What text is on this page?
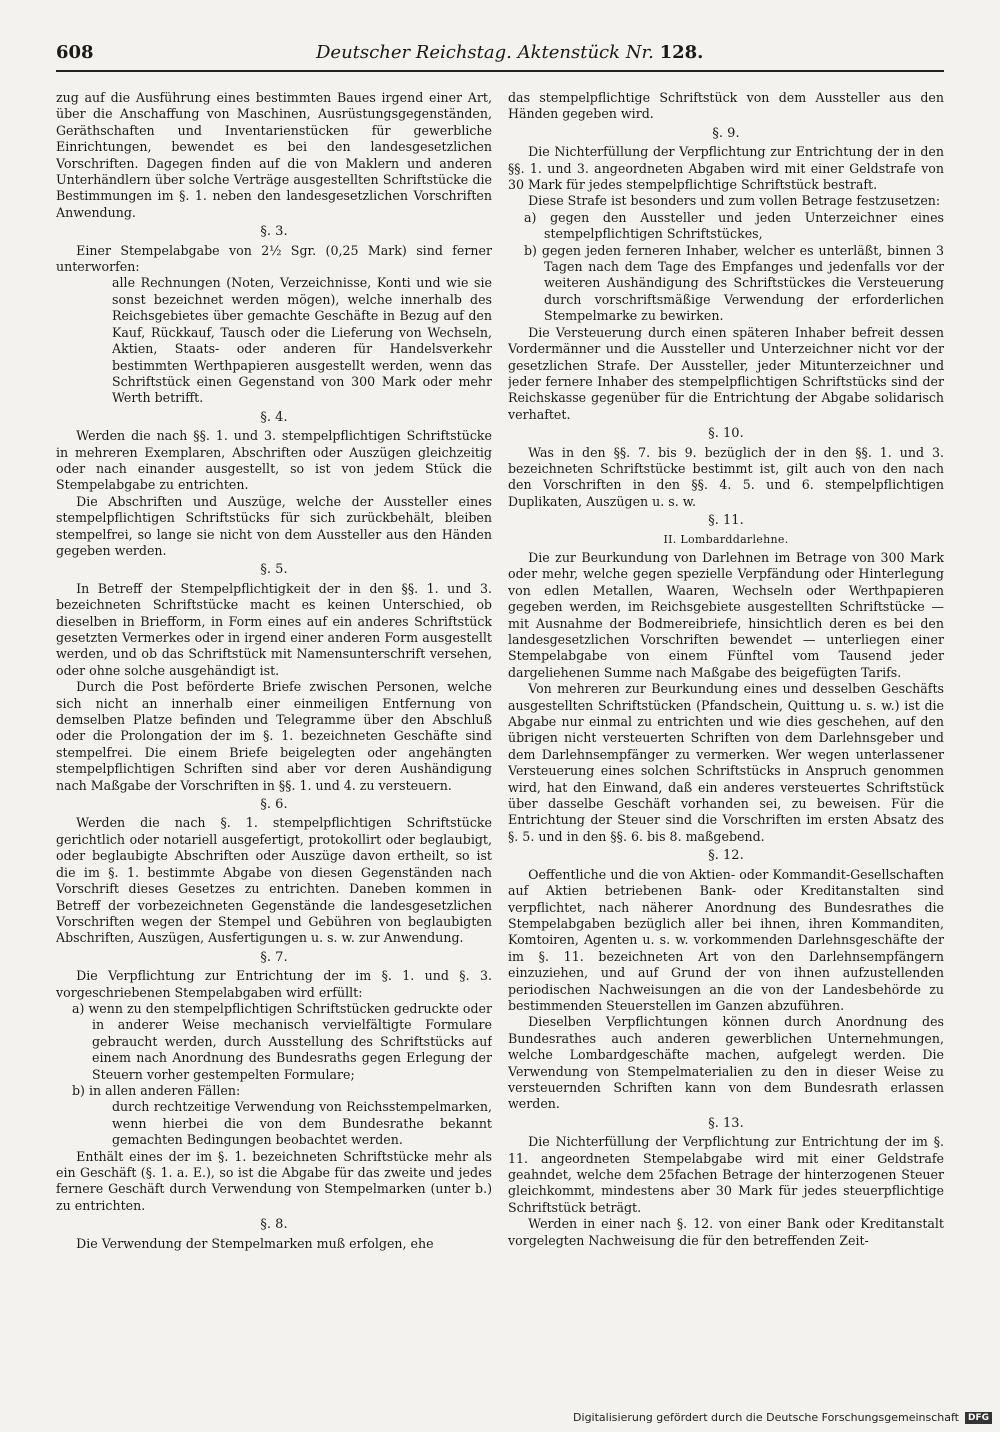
608	Deutscher Reichstag. Aktenstück Nr. 128.

zug auf die Ausführung eines bestimmten Baues irgend einer Art, über die Anschaffung von Maschinen, Ausrüstungsgegenständen, Geräthschaften und Inventarienstücken für gewerbliche Einrichtungen, bewendet es bei den landesgesetzlichen Vorschriften. Dagegen finden auf die von Maklern und anderen Unterhändlern über solche Verträge ausgestellten Schriftstücke die Bestimmungen im §. 1. neben den landesgesetzlichen Vorschriften Anwendung.

§. 3.

Einer Stempelabgabe von 2½ Sgr. (0,25 Mark) sind ferner unterworfen:

alle Rechnungen (Noten, Verzeichnisse, Konti und wie sie sonst bezeichnet werden mögen), welche innerhalb des Reichsgebietes über gemachte Geschäfte in Bezug auf den Kauf, Rückkauf, Tausch oder die Lieferung von Wechseln, Aktien, Staats- oder anderen für Handelsverkehr bestimmten Werthpapieren ausgestellt werden, wenn das Schriftstück einen Gegenstand von 300 Mark oder mehr Werth betrifft.

§. 4.

Werden die nach §§. 1. und 3. stempelpflichtigen Schriftstücke in mehreren Exemplaren, Abschriften oder Auszügen gleichzeitig oder nach einander ausgestellt, so ist von jedem Stück die Stempelabgabe zu entrichten.

Die Abschriften und Auszüge, welche der Aussteller eines stempelpflichtigen Schriftstücks für sich zurückbehält, bleiben stempelfrei, so lange sie nicht von dem Aussteller aus den Händen gegeben werden.

§. 5.

In Betreff der Stempelpflichtigkeit der in den §§. 1. und 3. bezeichneten Schriftstücke macht es keinen Unterschied, ob dieselben in Briefform, in Form eines auf ein anderes Schriftstück gesetzten Vermerkes oder in irgend einer anderen Form ausgestellt werden, und ob das Schriftstück mit Namensunterschrift versehen, oder ohne solche ausgehändigt ist.

Durch die Post beförderte Briefe zwischen Personen, welche sich nicht an innerhalb einer einmeiligen Entfernung von demselben Platze befinden und Telegramme über den Abschluß oder die Prolongation der im §. 1. bezeichneten Geschäfte sind stempelfrei. Die einem Briefe beigelegten oder angehängten stempelpflichtigen Schriften sind aber vor deren Aushändigung nach Maßgabe der Vorschriften in §§. 1. und 4. zu versteuern.

§. 6.

Werden die nach §. 1. stempelpflichtigen Schriftstücke gerichtlich oder notariell ausgefertigt, protokollirt oder beglaubigt, oder beglaubigte Abschriften oder Auszüge davon ertheilt, so ist die im §. 1. bestimmte Abgabe von diesen Gegenständen nach Vorschrift dieses Gesetzes zu entrichten. Daneben kommen in Betreff der vorbezeichneten Gegenstände die landesgesetzlichen Vorschriften wegen der Stempel und Gebühren von beglaubigten Abschriften, Auszügen, Ausfertigungen u. s. w. zur Anwendung.

§. 7.

Die Verpflichtung zur Entrichtung der im §. 1. und §. 3. vorgeschriebenen Stempelabgaben wird erfüllt:

a) wenn zu den stempelpflichtigen Schriftstücken gedruckte oder in anderer Weise mechanisch vervielfältigte Formulare gebraucht werden, durch Ausstellung des Schriftstücks auf einem nach Anordnung des Bundesraths gegen Erlegung der Steuern vorher gestempelten Formulare;

b) in allen anderen Fällen:

durch rechtzeitige Verwendung von Reichsstempelmarken, wenn hierbei die von dem Bundesrathe bekannt gemachten Bedingungen beobachtet werden.

Enthält eines der im §. 1. bezeichneten Schriftstücke mehr als ein Geschäft (§. 1. a. E.), so ist die Abgabe für das zweite und jedes fernere Geschäft durch Verwendung von Stempelmarken (unter b.) zu entrichten.

§. 8.

Die Verwendung der Stempelmarken muß erfolgen, ehe

das stempelpflichtige Schriftstück von dem Aussteller aus den Händen gegeben wird.

§. 9.

Die Nichterfüllung der Verpflichtung zur Entrichtung der in den §§. 1. und 3. angeordneten Abgaben wird mit einer Geldstrafe von 30 Mark für jedes stempelpflichtige Schriftstück bestraft.

Diese Strafe ist besonders und zum vollen Betrage festzusetzen:

a) gegen den Aussteller und jeden Unterzeichner eines stempelpflichtigen Schriftstückes,

b) gegen jeden ferneren Inhaber, welcher es unterläßt, binnen 3 Tagen nach dem Tage des Empfanges und jedenfalls vor der weiteren Aushändigung des Schriftstückes die Versteuerung durch vorschriftsmäßige Verwendung der erforderlichen Stempelmarke zu bewirken.

Die Versteuerung durch einen späteren Inhaber befreit dessen Vordermänner und die Aussteller und Unterzeichner nicht vor der gesetzlichen Strafe. Der Aussteller, jeder Mitunterzeichner und jeder fernere Inhaber des stempelpflichtigen Schriftstücks sind der Reichskasse gegenüber für die Entrichtung der Abgabe solidarisch verhaftet.

§. 10.

Was in den §§. 7. bis 9. bezüglich der in den §§. 1. und 3. bezeichneten Schriftstücke bestimmt ist, gilt auch von den nach den Vorschriften in den §§. 4. 5. und 6. stempelpflichtigen Duplikaten, Auszügen u. s. w.

§. 11.
II. Lombarddarlehne.

Die zur Beurkundung von Darlehnen im Betrage von 300 Mark oder mehr, welche gegen spezielle Verpfändung oder Hinterlegung von edlen Metallen, Waaren, Wechseln oder Werthpapieren gegeben werden, im Reichsgebiete ausgestellten Schriftstücke — mit Ausnahme der Bodmereibriefe, hinsichtlich deren es bei den landesgesetzlichen Vorschriften bewendet — unterliegen einer Stempelabgabe von einem Fünftel vom Tausend jeder dargeliehenen Summe nach Maßgabe des beigefügten Tarifs.

Von mehreren zur Beurkundung eines und desselben Geschäfts ausgestellten Schriftstücken (Pfandschein, Quittung u. s. w.) ist die Abgabe nur einmal zu entrichten und wie dies geschehen, auf den übrigen nicht versteuerten Schriften von dem Darlehnsgeber und dem Darlehnsempfänger zu vermerken. Wer wegen unterlassener Versteuerung eines solchen Schriftstücks in Anspruch genommen wird, hat den Einwand, daß ein anderes versteuertes Schriftstück über dasselbe Geschäft vorhanden sei, zu beweisen. Für die Entrichtung der Steuer sind die Vorschriften im ersten Absatz des §. 5. und in den §§. 6. bis 8. maßgebend.

§. 12.

Oeffentliche und die von Aktien- oder Kommandit-Gesellschaften auf Aktien betriebenen Bank- oder Kreditanstalten sind verpflichtet, nach näherer Anordnung des Bundesrathes die Stempelabgaben bezüglich aller bei ihnen, ihren Kommanditen, Komtoiren, Agenten u. s. w. vorkommenden Darlehnsgeschäfte der im §. 11. bezeichneten Art von den Darlehnsempfängern einzuziehen, und auf Grund der von ihnen aufzustellenden periodischen Nachweisungen an die von der Landesbehörde zu bestimmenden Steuerstellen im Ganzen abzuführen.

Dieselben Verpflichtungen können durch Anordnung des Bundesrathes auch anderen gewerblichen Unternehmungen, welche Lombardgeschäfte machen, aufgelegt werden. Die Verwendung von Stempelmaterialien zu den in dieser Weise zu versteuernden Schriften kann von dem Bundesrath erlassen werden.

§. 13.

Die Nichterfüllung der Verpflichtung zur Entrichtung der im §. 11. angeordneten Stempelabgabe wird mit einer Geldstrafe geahndet, welche dem 25fachen Betrage der hinterzogenen Steuer gleichkommt, mindestens aber 30 Mark für jedes steuerpflichtige Schriftstück beträgt.

Werden in einer nach §. 12. von einer Bank oder Kreditanstalt vorgelegten Nachweisung die für den betreffenden Zeit-

Digitalisierung gefördert durch die Deutsche Forschungsgemeinschaft	DFG
